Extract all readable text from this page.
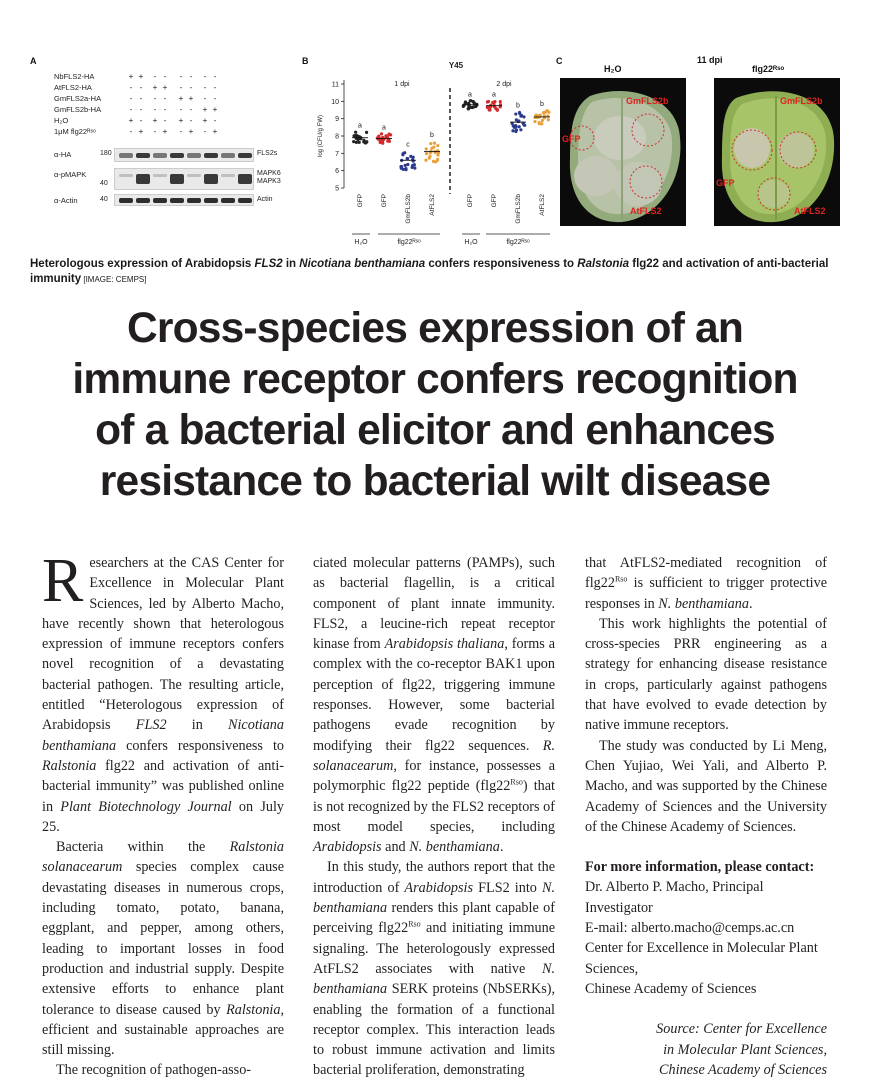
A
NbFLS2-HA	+ +	- -	- -	- -
AtFLS2-HA	- -	+ +	- -	- -
GmFLS2a-HA	- -	- -	+ +	- -
GmFLS2b-HA	- -	- -	- -	+ +
H₂O	+ -	+ -	+ -	+ -
1μM flg22ᴿˢᵒ	- +	- +	- +	- +
α-HA	180	FLS2s
α-pMAPK
40
MAPK6
MAPK3
α-Actin	40	Actin
B	Y45
5
6
7
8
9
10
11
log (CFU/g FW)
1 dpi	2 dpi
a
GFP
a
GFP
c
GmFLS2b
b
AtFLS2
a
GFP
a
GFP
b
GmFLS2b
b
AtFLS2
H₂O	flg22ᴿˢᵒ	H₂O	flg22ᴿˢᵒ
C	11 dpi
H₂O
GmFLS2b
GFP
AtFLS2
flg22ᴿˢᵒ
GmFLS2b
GFP
AtFLS2
Heterologous expression of Arabidopsis FLS2 in Nicotiana benthamiana confers responsiveness to Ralstonia flg22 and activation of anti-bacterial immunity [IMAGE: CEMPS]
Cross-species expression of an
immune receptor confers recognition
of a bacterial elicitor and enhances
resistance to bacterial wilt disease

Researchers at the CAS Center for Excellence in Molecular Plant Sciences, led by Alberto Macho, have recently shown that heterologous expression of immune receptors confers novel recognition of a devastating bacterial pathogen. The resulting article, entitled “Heterologous expression of Arabidopsis FLS2 in Nicotiana benthamiana confers responsiveness to Ralstonia flg22 and activation of anti-bacterial immunity” was published online in Plant Biotechnology Journal on July 25.

Bacteria within the Ralstonia solanacearum species complex cause devastating diseases in numerous crops, including tomato, potato, banana, eggplant, and pepper, among others, leading to important losses in food production and industrial supply. Despite extensive efforts to enhance plant tolerance to disease caused by Ralstonia, efficient and sustainable approaches are still missing.

The recognition of pathogen-asso-

ciated molecular patterns (PAMPs), such as bacterial flagellin, is a critical component of plant innate immunity. FLS2, a leucine-rich repeat receptor kinase from Arabidopsis thaliana, forms a complex with the co-receptor BAK1 upon perception of flg22, triggering immune responses. However, some bacterial pathogens evade recognition by modifying their flg22 sequences. R. solanacearum, for instance, possesses a polymorphic flg22 peptide $(flg22^{Rso})$ that is not recognized by the FLS2 receptors of most model species, including Arabidopsis and N. benthamiana.

In this study, the authors report that the introduction of Arabidopsis FLS2 into N. benthamiana renders this plant capable of perceiving $flg22^{Rso}$ and initiating immune signaling. The heterologously expressed AtFLS2 associates with native N. benthamiana SERK proteins (NbSERKs), enabling the formation of a functional receptor complex. This interaction leads to robust immune activation and limits bacterial proliferation, demonstrating

that AtFLS2-mediated recognition of $flg22^{Rso}$ is sufficient to trigger protective responses in N. benthamiana.

This work highlights the potential of cross-species PRR engineering as a strategy for enhancing disease resistance in crops, particularly against pathogens that have evolved to evade detection by native immune receptors.

The study was conducted by Li Meng, Chen Yujiao, Wei Yali, and Alberto P. Macho, and was supported by the Chinese Academy of Sciences and the University of the Chinese Academy of Sciences.

For more information, please contact:

Dr. Alberto P. Macho, Principal Investigator

E-mail: alberto.macho@cemps.ac.cn

Center for Excellence in Molecular Plant Sciences,

Chinese Academy of Sciences

Source: Center for Excellence
in Molecular Plant Sciences,
Chinese Academy of Sciences
